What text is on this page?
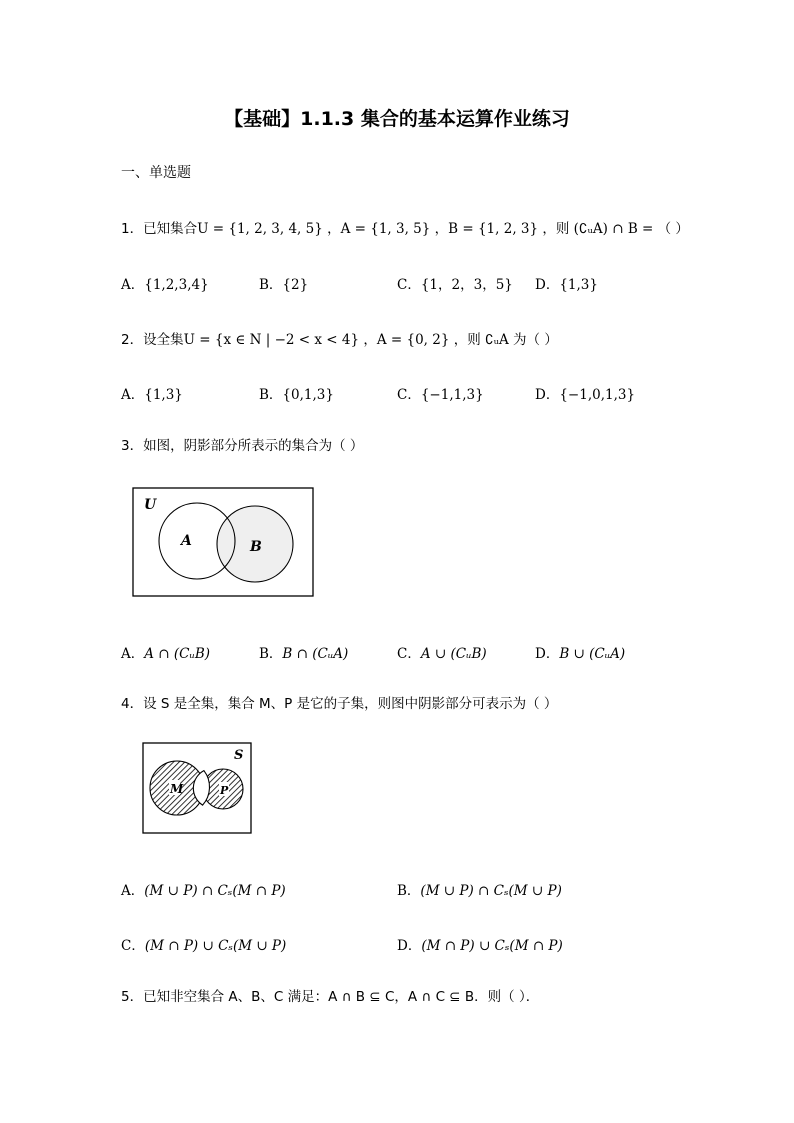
【基础】1.1.3 集合的基本运算作业练习
一、单选题
1．已知集合U = {1, 2, 3, 4, 5} ，A = {1, 3, 5} ，B = {1, 2, 3} ，则 (∁ᵤA) ∩ B = （ ）
A．{1,2,3,4}	B．{2}	C．{1，2，3，5} D．{1,3}
2．设全集U = {x ∈ N | −2 < x < 4} ，A = {0, 2} ，则 ∁ᵤA 为（ ）
A．{1,3}	B．{0,1,3}	C．{−1,1,3}	D．{−1,0,1,3}
3．如图，阴影部分所表示的集合为（ ）
U
A	B
A．A ∩ (CᵤB)	B．B ∩ (CᵤA)	C．A ∪ (CᵤB)	D．B ∪ (CᵤA)
4．设 S 是全集，集合 M、P 是它的子集，则图中阴影部分可表示为（ ）
S
M	P
A．(M ∪ P) ∩ Cₛ(M ∩ P)	B．(M ∪ P) ∩ Cₛ(M ∪ P)
C．(M ∩ P) ∪ Cₛ(M ∪ P)	D．(M ∩ P) ∪ Cₛ(M ∩ P)
5．已知非空集合 A、B、C 满足：A ∩ B ⊆ C，A ∩ C ⊆ B．则（ ）．
